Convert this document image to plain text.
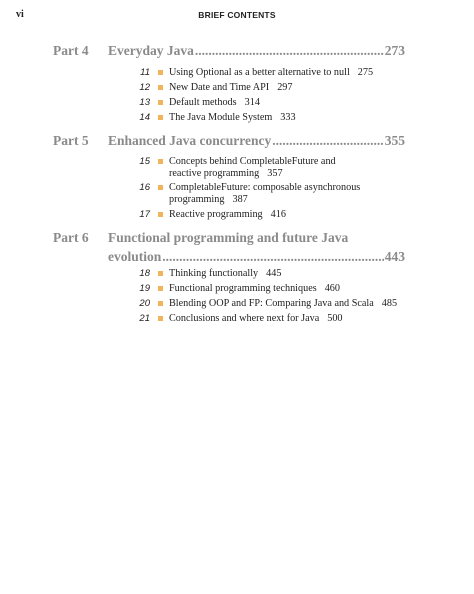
vi	BRIEF CONTENTS
Part 4 Everyday Java .....	273
11 Using Optional as a better alternative to null 275
12 New Date and Time API 297
13 Default methods 314
14 The Java Module System 333
Part 5 Enhanced Java concurrency .....	355
15 Concepts behind CompletableFuture and
reactive programming 357
16 CompletableFuture: composable asynchronous
programming 387
17 Reactive programming 416
Part 6 Functional programming and future Java
evolution .....	443
18 Thinking functionally 445
19 Functional programming techniques 460
20 Blending OOP and FP: Comparing Java and Scala 485
21 Conclusions and where next for Java 500
